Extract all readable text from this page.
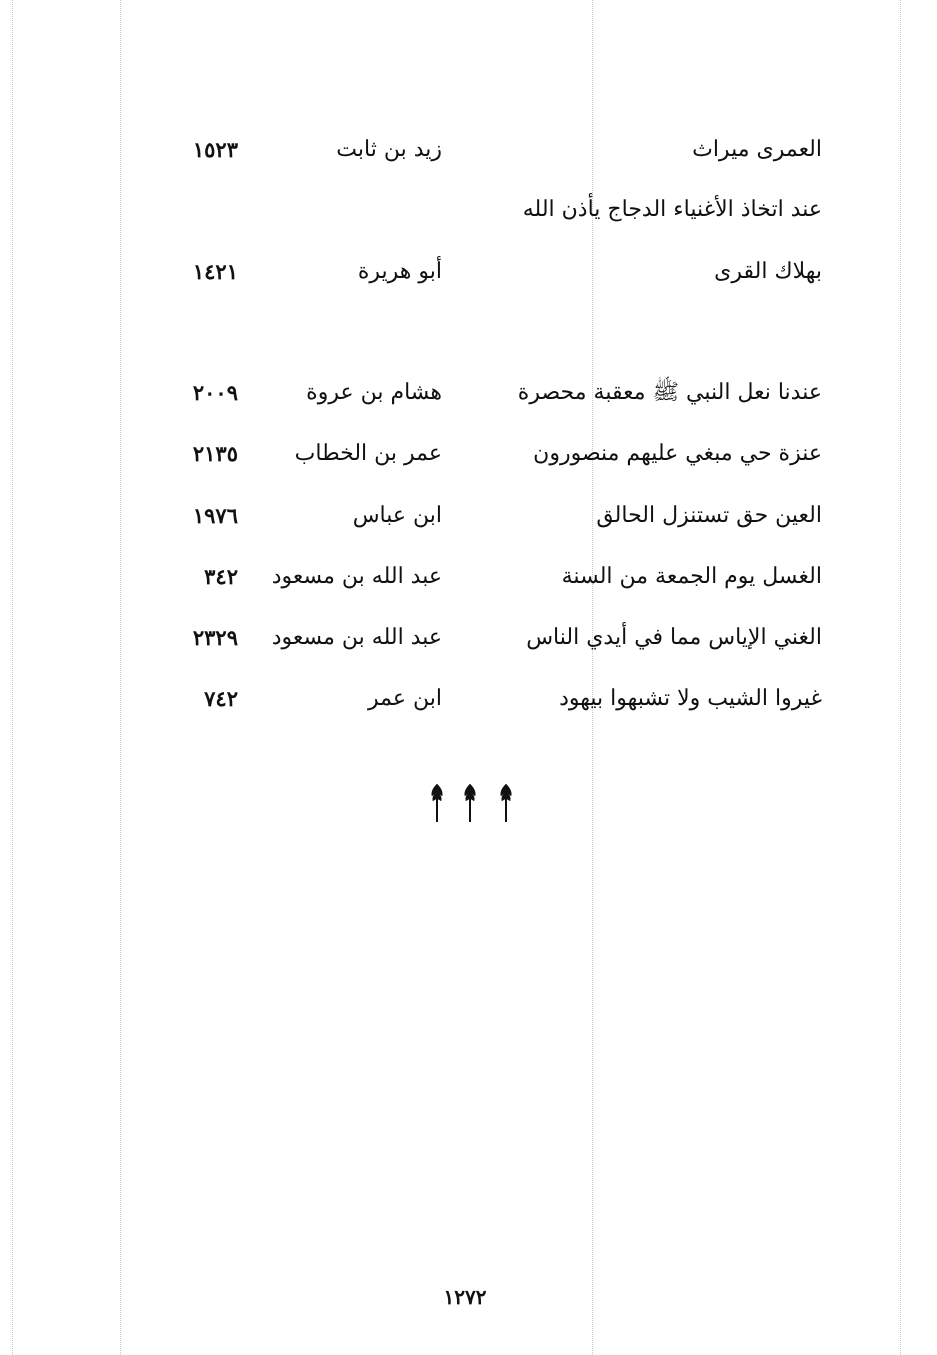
العمرى ميراث
زيد بن ثابت
١٥٢٣
عند اتخاذ الأغنياء الدجاج يأذن الله
بهلاك القرى
أبو هريرة
١٤٢١
عندنا نعل النبي ﷺ معقبة محصرة
هشام بن عروة
٢٠٠٩
عنزة حي مبغي عليهم منصورون
عمر بن الخطاب
٢١٣٥
العين حق تستنزل الحالق
ابن عباس
١٩٧٦
الغسل يوم الجمعة من السنة
عبد الله بن مسعود
٣٤٢
الغني الإياس مما في أيدي الناس
عبد الله بن مسعود
٢٣٢٩
غيروا الشيب ولا تشبهوا بيهود
ابن عمر
٧٤٢
١٢٧٢
